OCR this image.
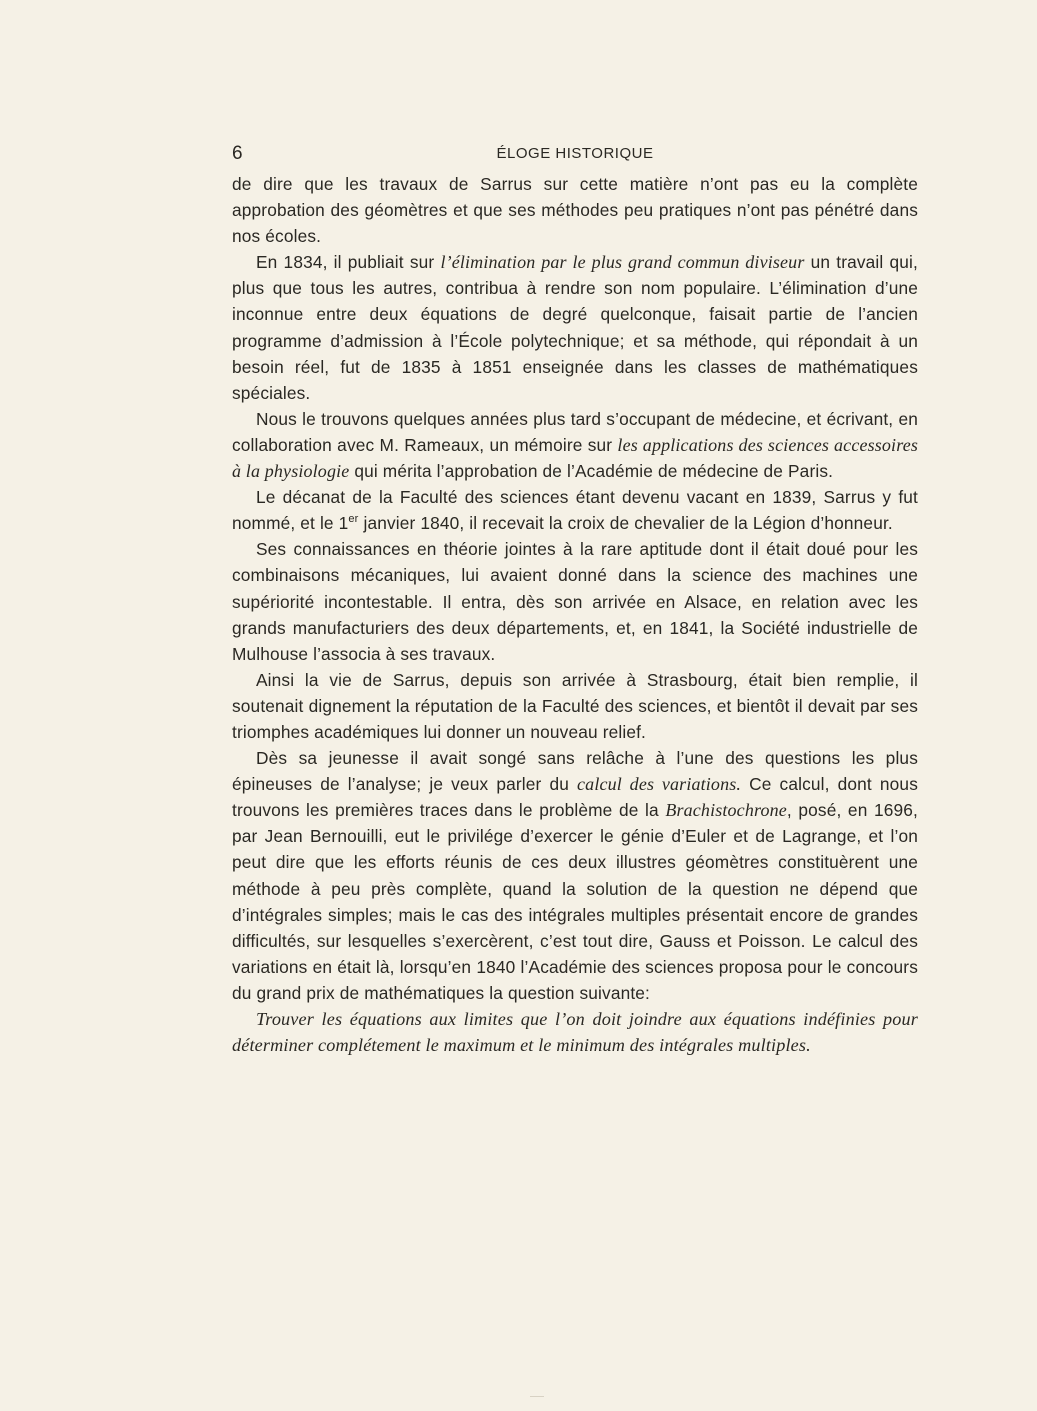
6	ÉLOGE HISTORIQUE

de dire que les travaux de Sarrus sur cette matière n’ont pas eu la complète approbation des géomètres et que ses méthodes peu pratiques n’ont pas pénétré dans nos écoles.

En 1834, il publiait sur l’élimination par le plus grand commun diviseur un travail qui, plus que tous les autres, contribua à rendre son nom populaire. L’élimination d’une inconnue entre deux équations de degré quelconque, faisait partie de l’ancien programme d’admission à l’École polytechnique; et sa méthode, qui répondait à un besoin réel, fut de 1835 à 1851 enseignée dans les classes de mathématiques spéciales.

Nous le trouvons quelques années plus tard s’occupant de médecine, et écrivant, en collaboration avec M. Rameaux, un mémoire sur les applications des sciences accessoires à la physiologie qui mérita l’approbation de l’Académie de médecine de Paris.

Le décanat de la Faculté des sciences étant devenu vacant en 1839, Sarrus y fut nommé, et le 1er janvier 1840, il recevait la croix de chevalier de la Légion d’honneur.

Ses connaissances en théorie jointes à la rare aptitude dont il était doué pour les combinaisons mécaniques, lui avaient donné dans la science des machines une supériorité incontestable. Il entra, dès son arrivée en Alsace, en relation avec les grands manufacturiers des deux départements, et, en 1841, la Société industrielle de Mulhouse l’associa à ses travaux.

Ainsi la vie de Sarrus, depuis son arrivée à Strasbourg, était bien remplie, il soutenait dignement la réputation de la Faculté des sciences, et bientôt il devait par ses triomphes académiques lui donner un nouveau relief.

Dès sa jeunesse il avait songé sans relâche à l’une des questions les plus épineuses de l’analyse; je veux parler du calcul des variations. Ce calcul, dont nous trouvons les premières traces dans le problème de la Brachistochrone, posé, en 1696, par Jean Bernouilli, eut le privilége d’exercer le génie d’Euler et de Lagrange, et l’on peut dire que les efforts réunis de ces deux illustres géomètres constituèrent une méthode à peu près complète, quand la solution de la question ne dépend que d’intégrales simples; mais le cas des intégrales multiples présentait encore de grandes difficultés, sur lesquelles s’exercèrent, c’est tout dire, Gauss et Poisson. Le calcul des variations en était là, lorsqu’en 1840 l’Académie des sciences proposa pour le concours du grand prix de mathématiques la question suivante:

Trouver les équations aux limites que l’on doit joindre aux équations indéfinies pour déterminer complétement le maximum et le minimum des intégrales multiples.
